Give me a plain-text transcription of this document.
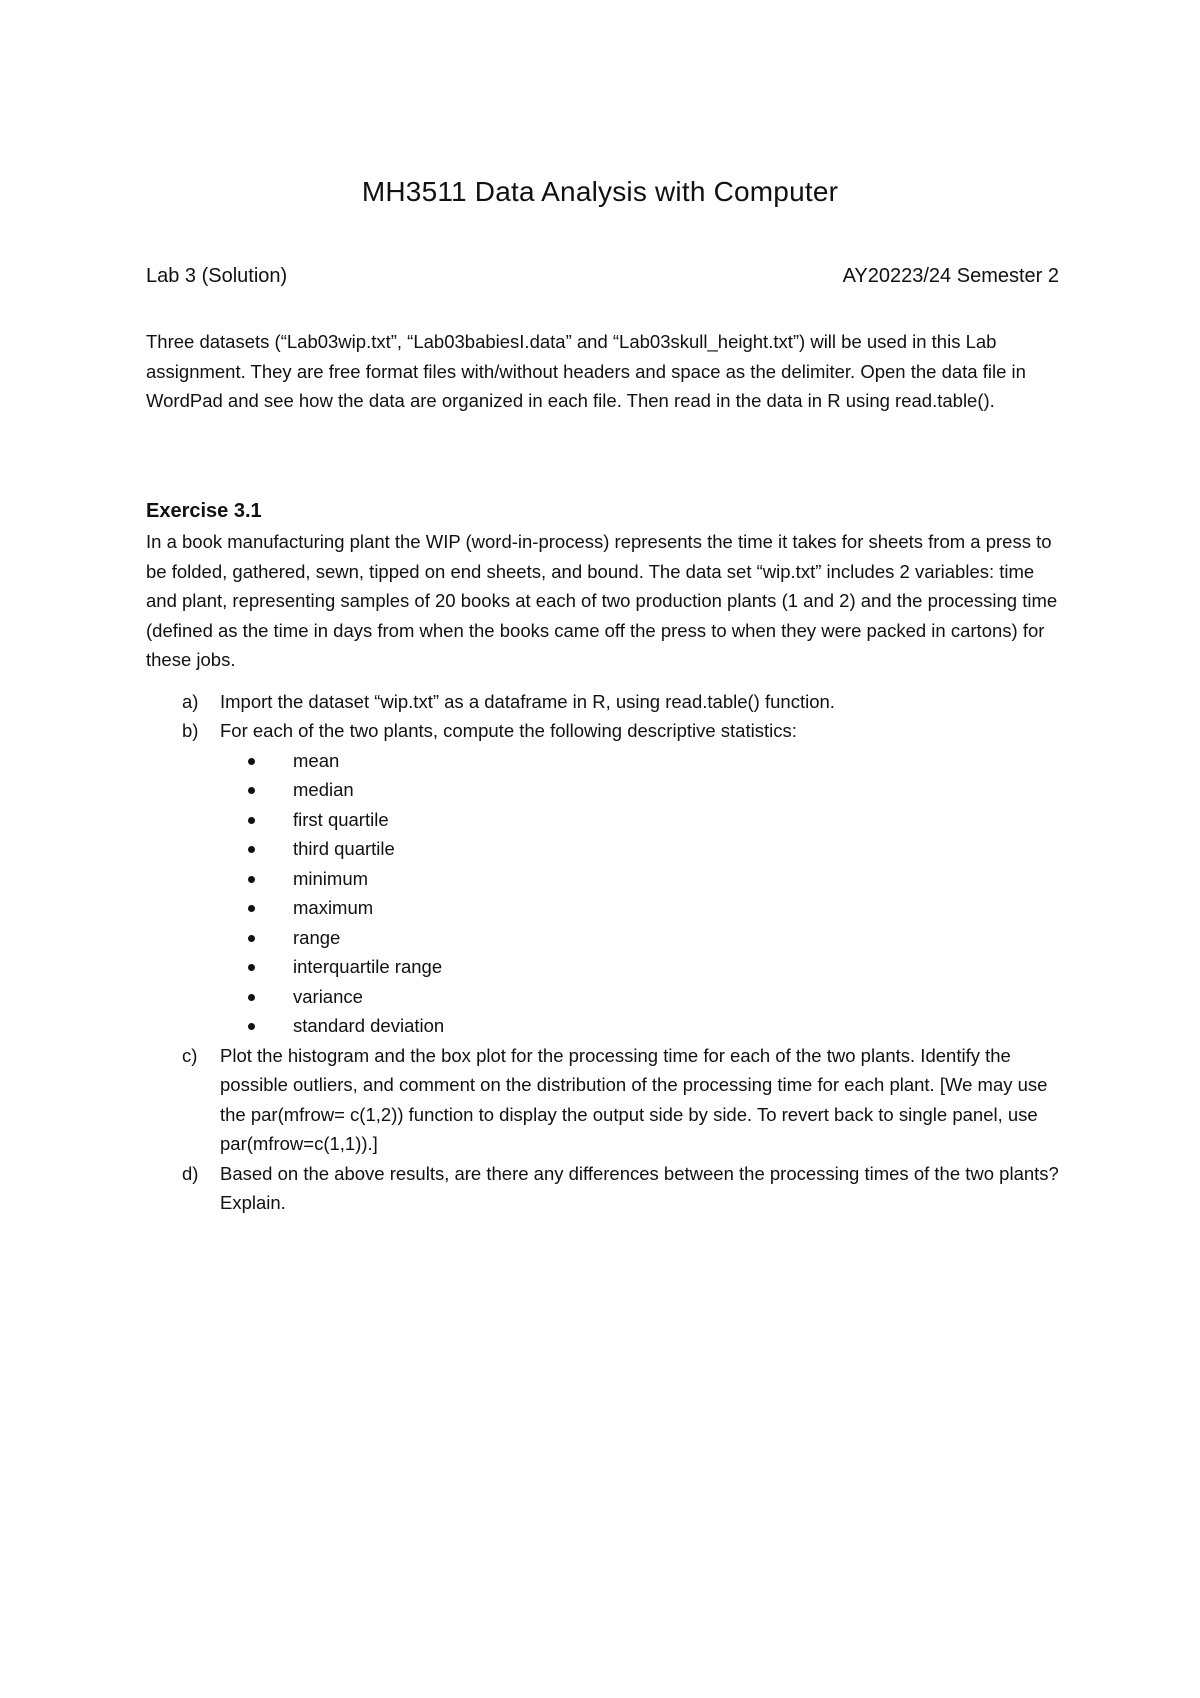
MH3511 Data Analysis with Computer
Lab 3 (Solution)	AY20223/24 Semester 2

Three datasets (“Lab03wip.txt”, “Lab03babiesI.data” and “Lab03skull_height.txt”) will be used in this Lab assignment. They are free format files with/without headers and space as the delimiter. Open the data file in WordPad and see how the data are organized in each file. Then read in the data in R using read.table().

Exercise 3.1

In a book manufacturing plant the WIP (word-in-process) represents the time it takes for sheets from a press to be folded, gathered, sewn, tipped on end sheets, and bound. The data set “wip.txt” includes 2 variables: time and plant, representing samples of 20 books at each of two production plants (1 and 2) and the processing time (defined as the time in days from when the books came off the press to when they were packed in cartons) for these jobs.

a) Import the dataset “wip.txt” as a dataframe in R, using read.table() function.
b) For each of the two plants, compute the following descriptive statistics:
mean
median
first quartile
third quartile
minimum
maximum
range
interquartile range
variance
standard deviation
c) Plot the histogram and the box plot for the processing time for each of the two plants. Identify the possible outliers, and comment on the distribution of the processing time for each plant. [We may use the par(mfrow= c(1,2)) function to display the output side by side. To revert back to single panel, use par(mfrow=c(1,1)).]
d) Based on the above results, are there any differences between the processing times of the two plants? Explain.
